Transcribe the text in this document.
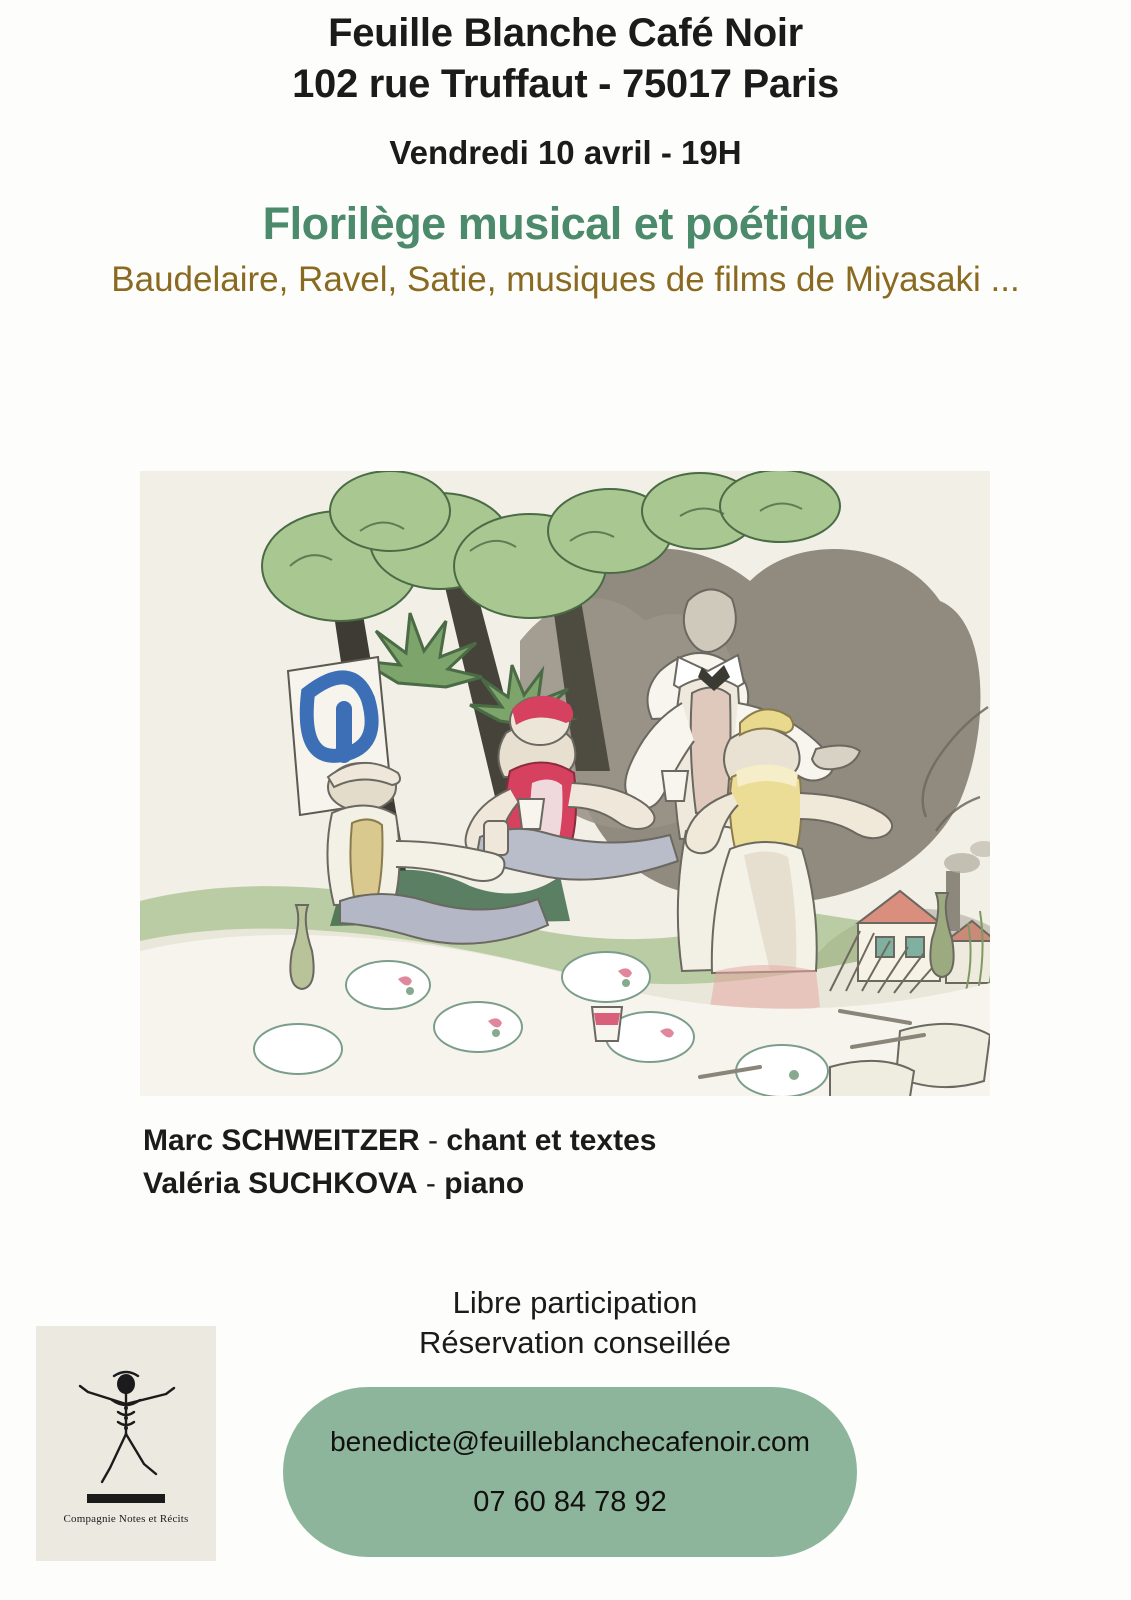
Feuille Blanche Café Noir
102 rue Truffaut - 75017 Paris
Vendredi 10 avril - 19H
Florilège musical et poétique
Baudelaire, Ravel, Satie, musiques de films de Miyasaki ...
Marc SCHWEITZER - chant et textes
Valéria SUCHKOVA - piano
Libre participation
Réservation conseillée
benedicte@feuilleblanchecafenoir.com
07 60 84 78 92
Compagnie Notes et Récits
